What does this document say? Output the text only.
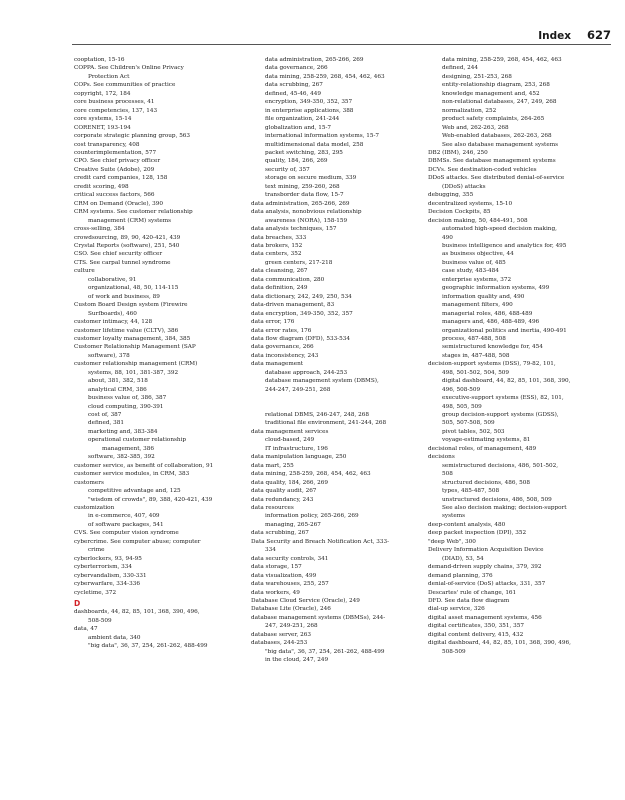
Index 627
cooptation, 15-16
COPPA. See Children's Online Privacy
Protection Act
COPs. See communities of practice
copyright, 172, 184
core business processes, 41
core competencies, 137, 143
core systems, 15-14
CORENET, 193-194
corporate strategic planning group, 563
cost transparency, 408
counterimplementation, 577
CPO. See chief privacy officer
Creative Suite (Adobe), 209
credit card companies, 128, 158
credit scoring, 498
critical success factors, 566
CRM on Demand (Oracle), 390
CRM systems. See customer relationship
management (CRM) systems
cross-selling, 384
crowdsourcing, 89, 90, 420-421, 439
Crystal Reports (software), 251, 540
CSO. See chief security officer
CTS. See carpal tunnel syndrome
culture
collaborative, 91
organizational, 48, 50, 114-115
of work and business, 89
Custom Board Design system (Firewire
Surfboards), 460
customer intimacy, 44, 128
customer lifetime value (CLTV), 386
customer loyalty management, 384, 385
Customer Relationship Management (SAP
software), 378
customer relationship management (CRM)
systems, 88, 101, 381-387, 392
about, 381, 382, 518
analytical CRM, 386
business value of, 386, 387
cloud computing, 390-391
cost of, 387
defined, 381
marketing and, 383-384
operational customer relationship
management, 386
software, 382-385, 392
customer service, as benefit of collaboration, 91
customer service modules, in CRM, 383
customers
competitive advantage and, 125
"wisdom of crowds", 89, 388, 420-421, 439
customization
in e-commerce, 407, 409
of software packages, 541
CVS. See computer vision syndrome
cybercrime. See computer abuse; computer
crime
cyberlockers, 93, 94-95
cyberterrorism, 334
cybervandalism, 330-331
cyberwarfare, 334-336
cycletime, 372
D
dashboards, 44, 82, 85, 101, 368, 390, 496,
508-509
data, 47
ambient data, 340
"big data", 36, 37, 254, 261-262, 488-499
data administration, 265-266, 269
data governance, 266
data mining, 258-259, 268, 454, 462, 463
data scrubbing, 267
defined, 45-46, 449
encryption, 349-350, 352, 357
in enterprise applications, 388
file organization, 241-244
globalization and, 15-7
international information systems, 15-7
multidimensional data model, 258
packet switching, 283, 295
quality, 184, 266, 269
security of, 357
storage on secure medium, 339
text mining, 259-260, 268
transborder data flow, 15-7
data administration, 265-266, 269
data analysis, nonobvious relationship
awareness (NORA), 158-159
data analysis techniques, 157
data breaches, 333
data brokers, 152
data centers, 352
green centers, 217-218
data cleansing, 267
data communication, 280
data definition, 249
data dictionary, 242, 249, 250, 534
data-driven management, 83
data encryption, 349-350, 352, 357
data error, 176
data error rates, 176
data flow diagram (DFD), 533-534
data governance, 266
data inconsistency, 243
data management
database approach, 244-253
database management system (DBMS),
244-247, 249-251, 268

relational DBMS, 246-247, 248, 268
traditional file environment, 241-244, 268
data management services
cloud-based, 249
IT infrastructure, 196
data manipulation language, 250
data mart, 255
data mining, 258-259, 268, 454, 462, 463
data quality, 184, 266, 269
data quality audit, 267
data redundancy, 243
data resources
information policy, 265-266, 269
managing, 265-267
data scrubbing, 267
Data Security and Breach Notification Act, 333-
334
data security controls, 341
data storage, 157
data visualization, 499
data warehouses, 255, 257
data workers, 49
Database Cloud Service (Oracle), 249
Database Lite (Oracle), 246
database management systems (DBMSs), 244-
247, 249-251, 268
database server, 263
databases, 244-253
"big data", 36, 37, 254, 261-262, 488-499
in the cloud, 247, 249
data mining, 258-259, 268, 454, 462, 463
defined, 244
designing, 251-253, 268
entity-relationship diagram, 253, 268
knowledge management and, 452
non-relational databases, 247, 249, 268
normalization, 252
product safety complaints, 264-265
Web and, 262-263, 268
Web-enabled databases, 262-263, 268
See also database management systems
DB2 (IBM), 246, 250
DBMSs. See database management systems
DCVs. See destination-coded vehicles
DDoS attacks. See distributed denial-of-service
(DDoS) attacks
debugging, 355
decentralized systems, 15-10
Decision Cockpits, 85
decision making, 50, 484-491, 508
automated high-speed decision making,
490
business intelligence and analytics for, 495
as business objective, 44
business value of, 485
case study, 483-484
enterprise systems, 372
geographic information systems, 499
information quality and, 490
management filters, 490
managerial roles, 486, 488-489
managers and, 486, 488-489, 496
organizational politics and inertia, 490-491
process, 487-488, 508
semistructured knowledge for, 454
stages in, 487-488, 508
decision-support systems (DSS), 79-82, 101,
498, 501-502, 504, 509
digital dashboard, 44, 82, 85, 101, 368, 390,
496, 508-509
executive-support systems (ESS), 82, 101,
498, 505, 509
group decision-support systems (GDSS),
505, 507-508, 509
pivot tables, 502, 503
voyage-estimating systems, 81
decisional roles, of management, 489
decisions
semistructured decisions, 486, 501-502,
508
structured decisions, 486, 508
types, 485-487, 508
unstructured decisions, 486, 508, 509
See also decision making; decision-support
systems
deep-content analysis, 480
deep packet inspection (DPI), 352
"deep Web", 300
Delivery Information Acquisition Device
(DIAD), 53, 54
demand-driven supply chains, 379, 392
demand planning, 376
denial-of-service (DoS) attacks, 331, 357
Descartes' rule of change, 161
DFD. See data flow diagram
dial-up service, 326
digital asset management systems, 456
digital certificates, 350, 351, 357
digital content delivery, 415, 432
digital dashboard, 44, 82, 85, 101, 368, 390, 496,
508-509
